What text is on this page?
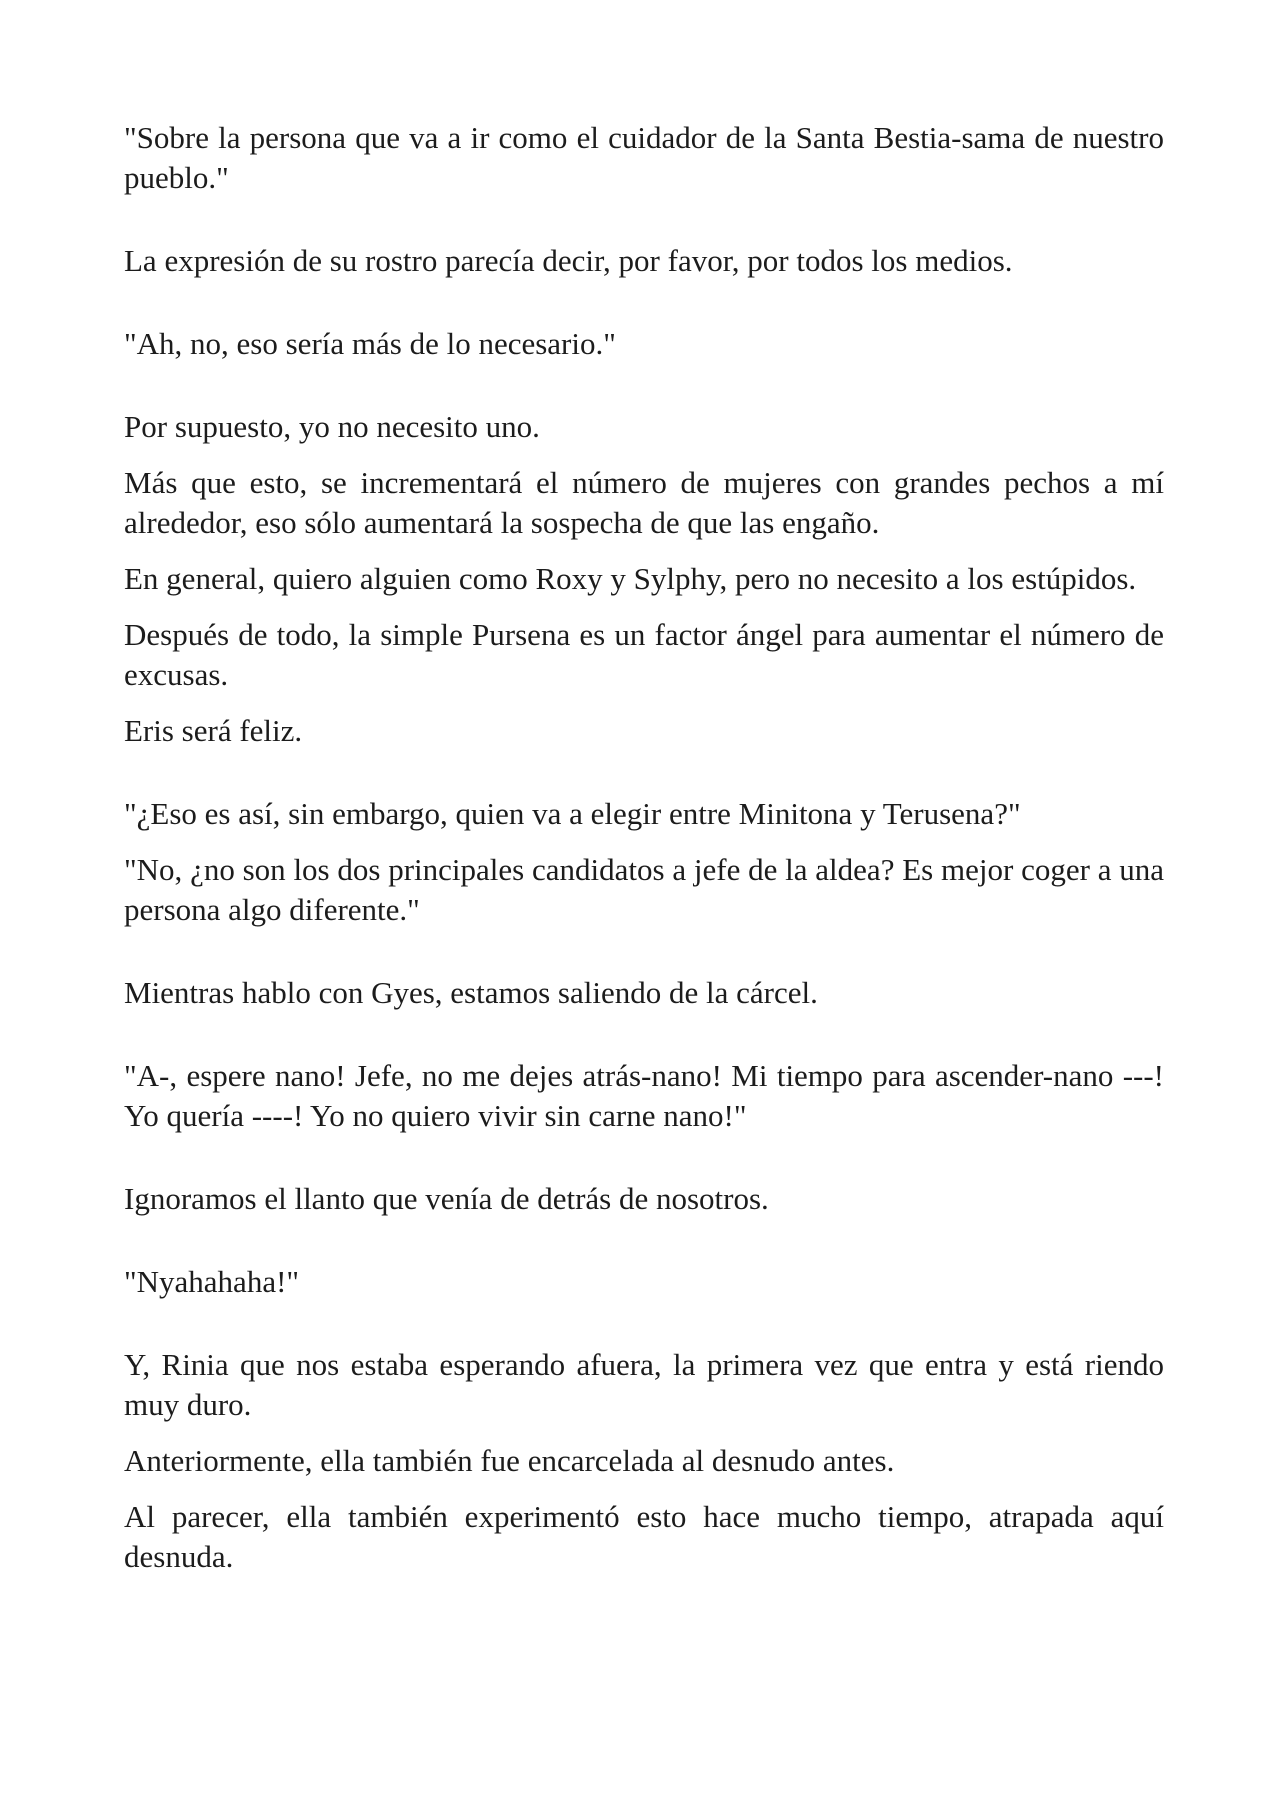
"Sobre la persona que va a ir como el cuidador de la Santa Bestia-sama de nuestro pueblo."

La expresión de su rostro parecía decir, por favor, por todos los medios.

"Ah, no, eso sería más de lo necesario."

Por supuesto, yo no necesito uno.

Más que esto, se incrementará el número de mujeres con grandes pechos a mí alrededor, eso sólo aumentará la sospecha de que las engaño.

En general, quiero alguien como Roxy y Sylphy, pero no necesito a los estúpidos.

Después de todo, la simple Pursena es un factor ángel para aumentar el número de excusas.

Eris será feliz.

"¿Eso es así, sin embargo, quien va a elegir entre Minitona y Terusena?"

"No, ¿no son los dos principales candidatos a jefe de la aldea? Es mejor coger a una persona algo diferente."

Mientras hablo con Gyes, estamos saliendo de la cárcel.

"A-, espere nano! Jefe, no me dejes atrás-nano! Mi tiempo para ascender-nano ---! Yo quería ----! Yo no quiero vivir sin carne nano!"

Ignoramos el llanto que venía de detrás de nosotros.

"Nyahahaha!"

Y, Rinia que nos estaba esperando afuera, la primera vez que entra y está riendo muy duro.

Anteriormente, ella también fue encarcelada al desnudo antes.

Al parecer, ella también experimentó esto hace mucho tiempo, atrapada aquí desnuda.
